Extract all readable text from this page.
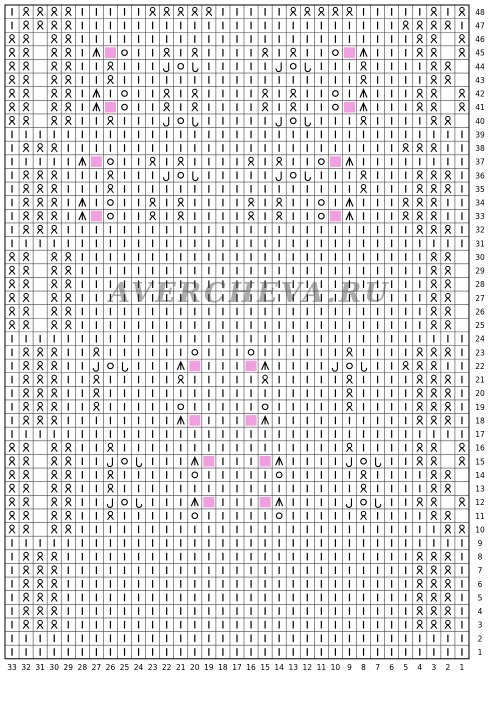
48
47
46
45
44
43
42
41
40
39
38
37
36
35
34
33
32
31
30
29
28
27
26
25
24
23
22
21
20
19
18
17
16
15
14
13
12
11
10
9
8
7
6
5
4
3
2
1
33 32 31 30 29 28 27 26 25 24 23 22 21 20 19 18 17 16 15 14 13 12 11 10 9 8 7 6 5 4 3 2 1
AVERCHEVA.RU
